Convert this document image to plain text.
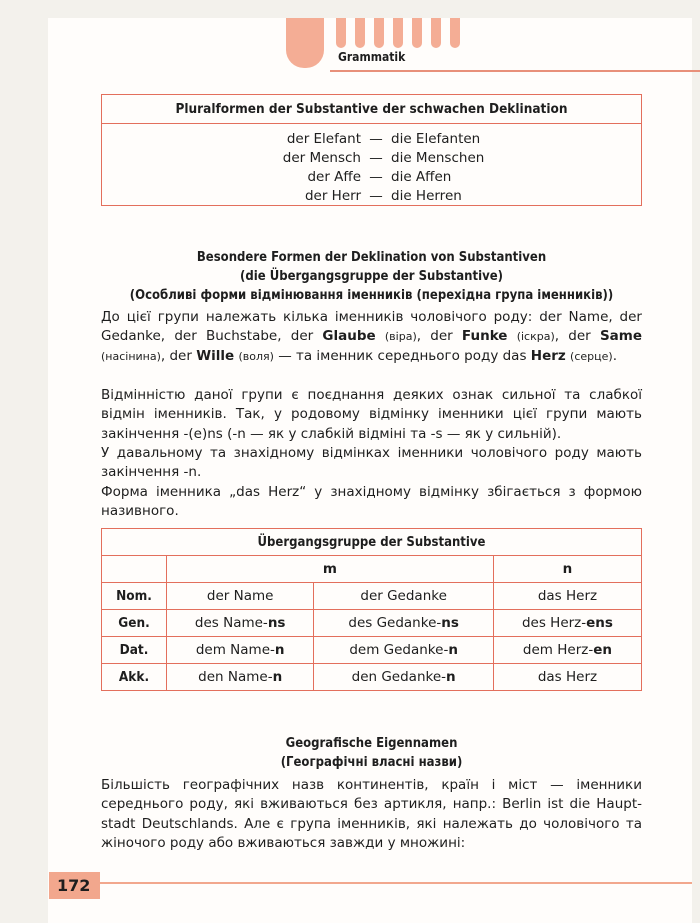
Grammatik
Pluralformen der Substantive der schwachen Deklination
der Elefant — die Elefanten
der Mensch — die Menschen
der Affe — die Affen
der Herr — die Herren
Besondere Formen der Deklination von Substantiven
(die Übergangsgruppe der Substantive)
(Особливі форми відмінювання іменників (перехідна група іменників))
До цієї групи належать кілька іменників чоловічого роду: der Name, der Gedanke, der Buchstabe, der Glaube (віра), der Funke (іскра), der Same (насінина), der Wille (воля) — та іменник середнього роду das Herz (серце).
Відмінністю даної групи є поєднання деяких ознак сильної та слабкої відмін іменників. Так, у родовому відмінку іменники цієї групи мають закінчення -(e)ns (-n — як у слабкій відміні та -s — як у сильній).
У давальному та знахідному відмінках іменники чоловічого роду мають закінчення -n.
Форма іменника „das Herz“ у знахідному відмінку збігається з формою називного.
Übergangsgruppe der Substantive			
	m		n
Nom.	der Name	der Gedanke	das Herz
Gen.	des Name-ns	des Gedanke-ns	des Herz-ens
Dat.	dem Name-n	dem Gedanke-n	dem Herz-en
Akk.	den Name-n	den Gedanke-n	das Herz
Geografische Eigennamen
(Географічні власні назви)
Більшість географічних назв континентів, країн і міст — іменники середнього роду, які вживаються без артикля, напр.: Berlin ist die Haupt-stadt Deutschlands. Але є група іменників, які належать до чоловічого та жіночого роду або вживаються завжди у множині:
172
